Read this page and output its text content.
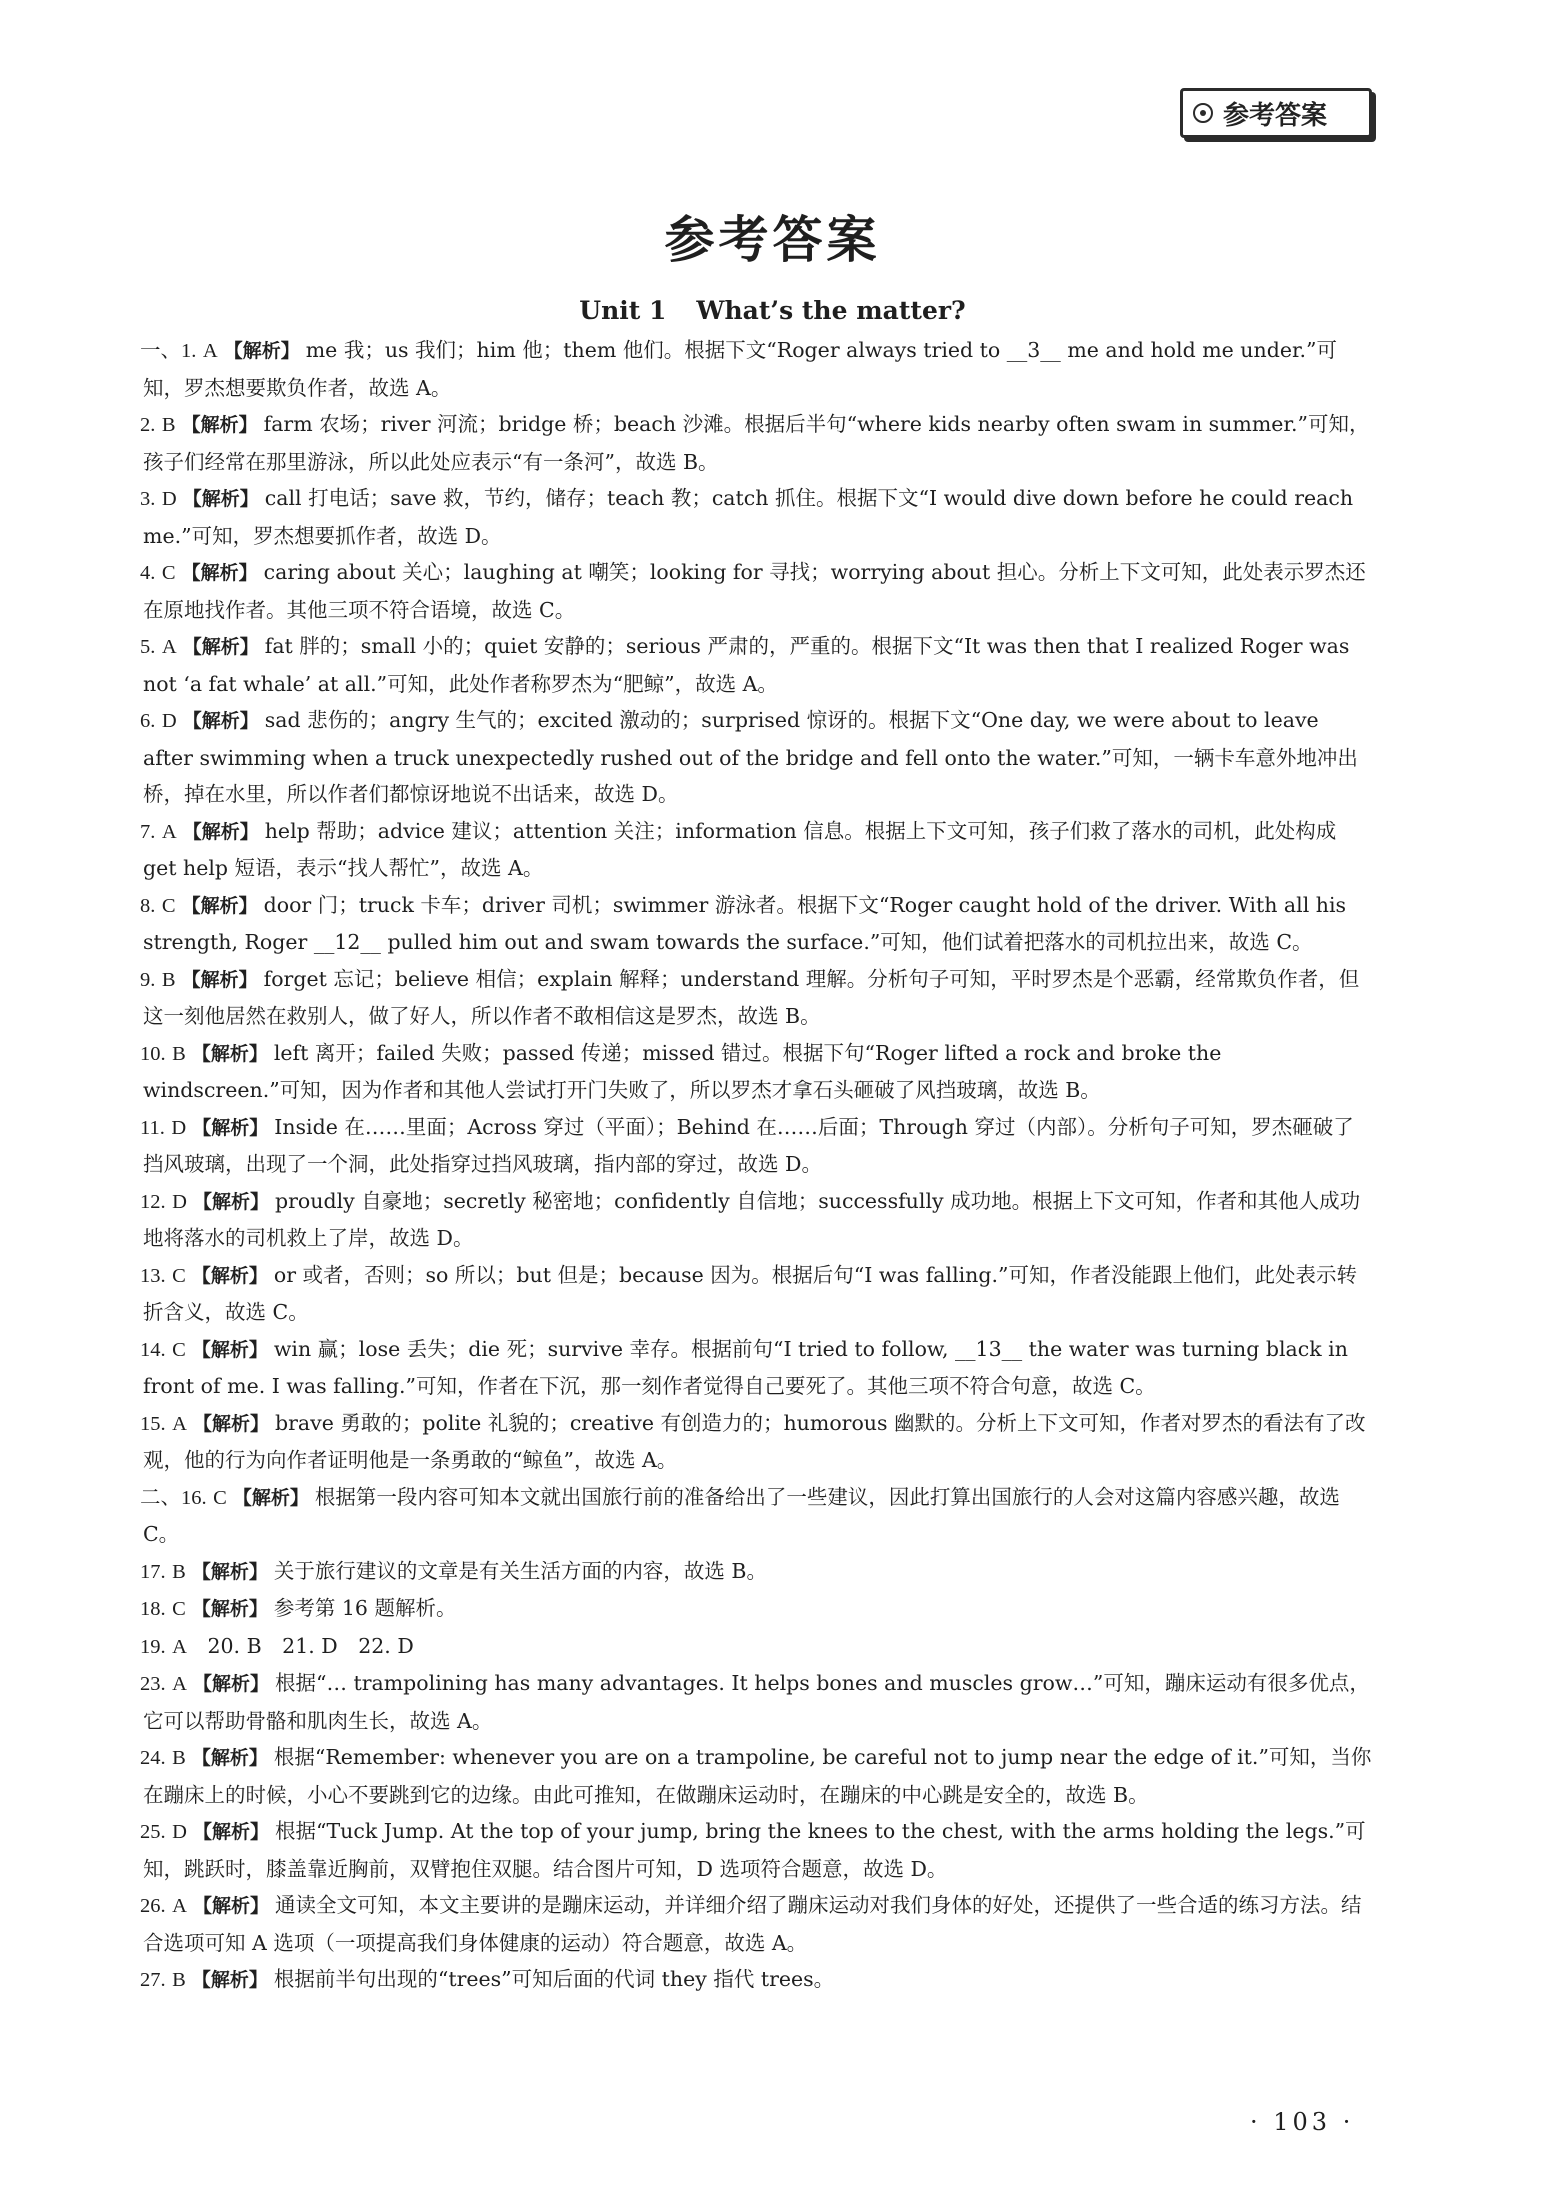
参考答案
参考答案
Unit 1 What’s the matter?
一、1. A 【解析】 me 我；us 我们；him 他；them 他们。根据下文“Roger always tried to __3__ me and hold me under.”可知，罗杰想要欺负作者，故选 A。
2. B 【解析】 farm 农场；river 河流；bridge 桥；beach 沙滩。根据后半句“where kids nearby often swam in summer.”可知，孩子们经常在那里游泳，所以此处应表示“有一条河”，故选 B。
3. D 【解析】 call 打电话；save 救，节约，储存；teach 教；catch 抓住。根据下文“I would dive down before he could reach me.”可知，罗杰想要抓作者，故选 D。
4. C 【解析】 caring about 关心；laughing at 嘲笑；looking for 寻找；worrying about 担心。分析上下文可知，此处表示罗杰还在原地找作者。其他三项不符合语境，故选 C。
5. A 【解析】 fat 胖的；small 小的；quiet 安静的；serious 严肃的，严重的。根据下文“It was then that I realized Roger was not ‘a fat whale’ at all.”可知，此处作者称罗杰为“肥鲸”，故选 A。
6. D 【解析】 sad 悲伤的；angry 生气的；excited 激动的；surprised 惊讶的。根据下文“One day, we were about to leave after swimming when a truck unexpectedly rushed out of the bridge and fell onto the water.”可知，一辆卡车意外地冲出桥，掉在水里，所以作者们都惊讶地说不出话来，故选 D。
7. A 【解析】 help 帮助；advice 建议；attention 关注；information 信息。根据上下文可知，孩子们救了落水的司机，此处构成 get help 短语，表示“找人帮忙”，故选 A。
8. C 【解析】 door 门；truck 卡车；driver 司机；swimmer 游泳者。根据下文“Roger caught hold of the driver. With all his strength, Roger __12__ pulled him out and swam towards the surface.”可知，他们试着把落水的司机拉出来，故选 C。
9. B 【解析】 forget 忘记；believe 相信；explain 解释；understand 理解。分析句子可知，平时罗杰是个恶霸，经常欺负作者，但这一刻他居然在救别人，做了好人，所以作者不敢相信这是罗杰，故选 B。
10. B 【解析】 left 离开；failed 失败；passed 传递；missed 错过。根据下句“Roger lifted a rock and broke the windscreen.”可知，因为作者和其他人尝试打开门失败了，所以罗杰才拿石头砸破了风挡玻璃，故选 B。
11. D 【解析】 Inside 在……里面；Across 穿过（平面）；Behind 在……后面；Through 穿过（内部）。分析句子可知，罗杰砸破了挡风玻璃，出现了一个洞，此处指穿过挡风玻璃，指内部的穿过，故选 D。
12. D 【解析】 proudly 自豪地；secretly 秘密地；confidently 自信地；successfully 成功地。根据上下文可知，作者和其他人成功地将落水的司机救上了岸，故选 D。
13. C 【解析】 or 或者，否则；so 所以；but 但是；because 因为。根据后句“I was falling.”可知，作者没能跟上他们，此处表示转折含义，故选 C。
14. C 【解析】 win 赢；lose 丢失；die 死；survive 幸存。根据前句“I tried to follow, __13__ the water was turning black in front of me. I was falling.”可知，作者在下沉，那一刻作者觉得自己要死了。其他三项不符合句意，故选 C。
15. A 【解析】 brave 勇敢的；polite 礼貌的；creative 有创造力的；humorous 幽默的。分析上下文可知，作者对罗杰的看法有了改观，他的行为向作者证明他是一条勇敢的“鲸鱼”，故选 A。
二、16. C 【解析】 根据第一段内容可知本文就出国旅行前的准备给出了一些建议，因此打算出国旅行的人会对这篇内容感兴趣，故选 C。
17. B 【解析】 关于旅行建议的文章是有关生活方面的内容，故选 B。
18. C 【解析】 参考第 16 题解析。
19. A　 20. B　21. D　22. D
23. A 【解析】 根据“… trampolining has many advantages. It helps bones and muscles grow…”可知，蹦床运动有很多优点，它可以帮助骨骼和肌肉生长，故选 A。
24. B 【解析】 根据“Remember: whenever you are on a trampoline, be careful not to jump near the edge of it.”可知，当你在蹦床上的时候，小心不要跳到它的边缘。由此可推知，在做蹦床运动时，在蹦床的中心跳是安全的，故选 B。
25. D 【解析】 根据“Tuck Jump. At the top of your jump, bring the knees to the chest, with the arms holding the legs.”可知，跳跃时，膝盖靠近胸前，双臂抱住双腿。结合图片可知，D 选项符合题意，故选 D。
26. A 【解析】 通读全文可知，本文主要讲的是蹦床运动，并详细介绍了蹦床运动对我们身体的好处，还提供了一些合适的练习方法。结合选项可知 A 选项（一项提高我们身体健康的运动）符合题意，故选 A。
27. B 【解析】 根据前半句出现的“trees”可知后面的代词 they 指代 trees。
· 103 ·
